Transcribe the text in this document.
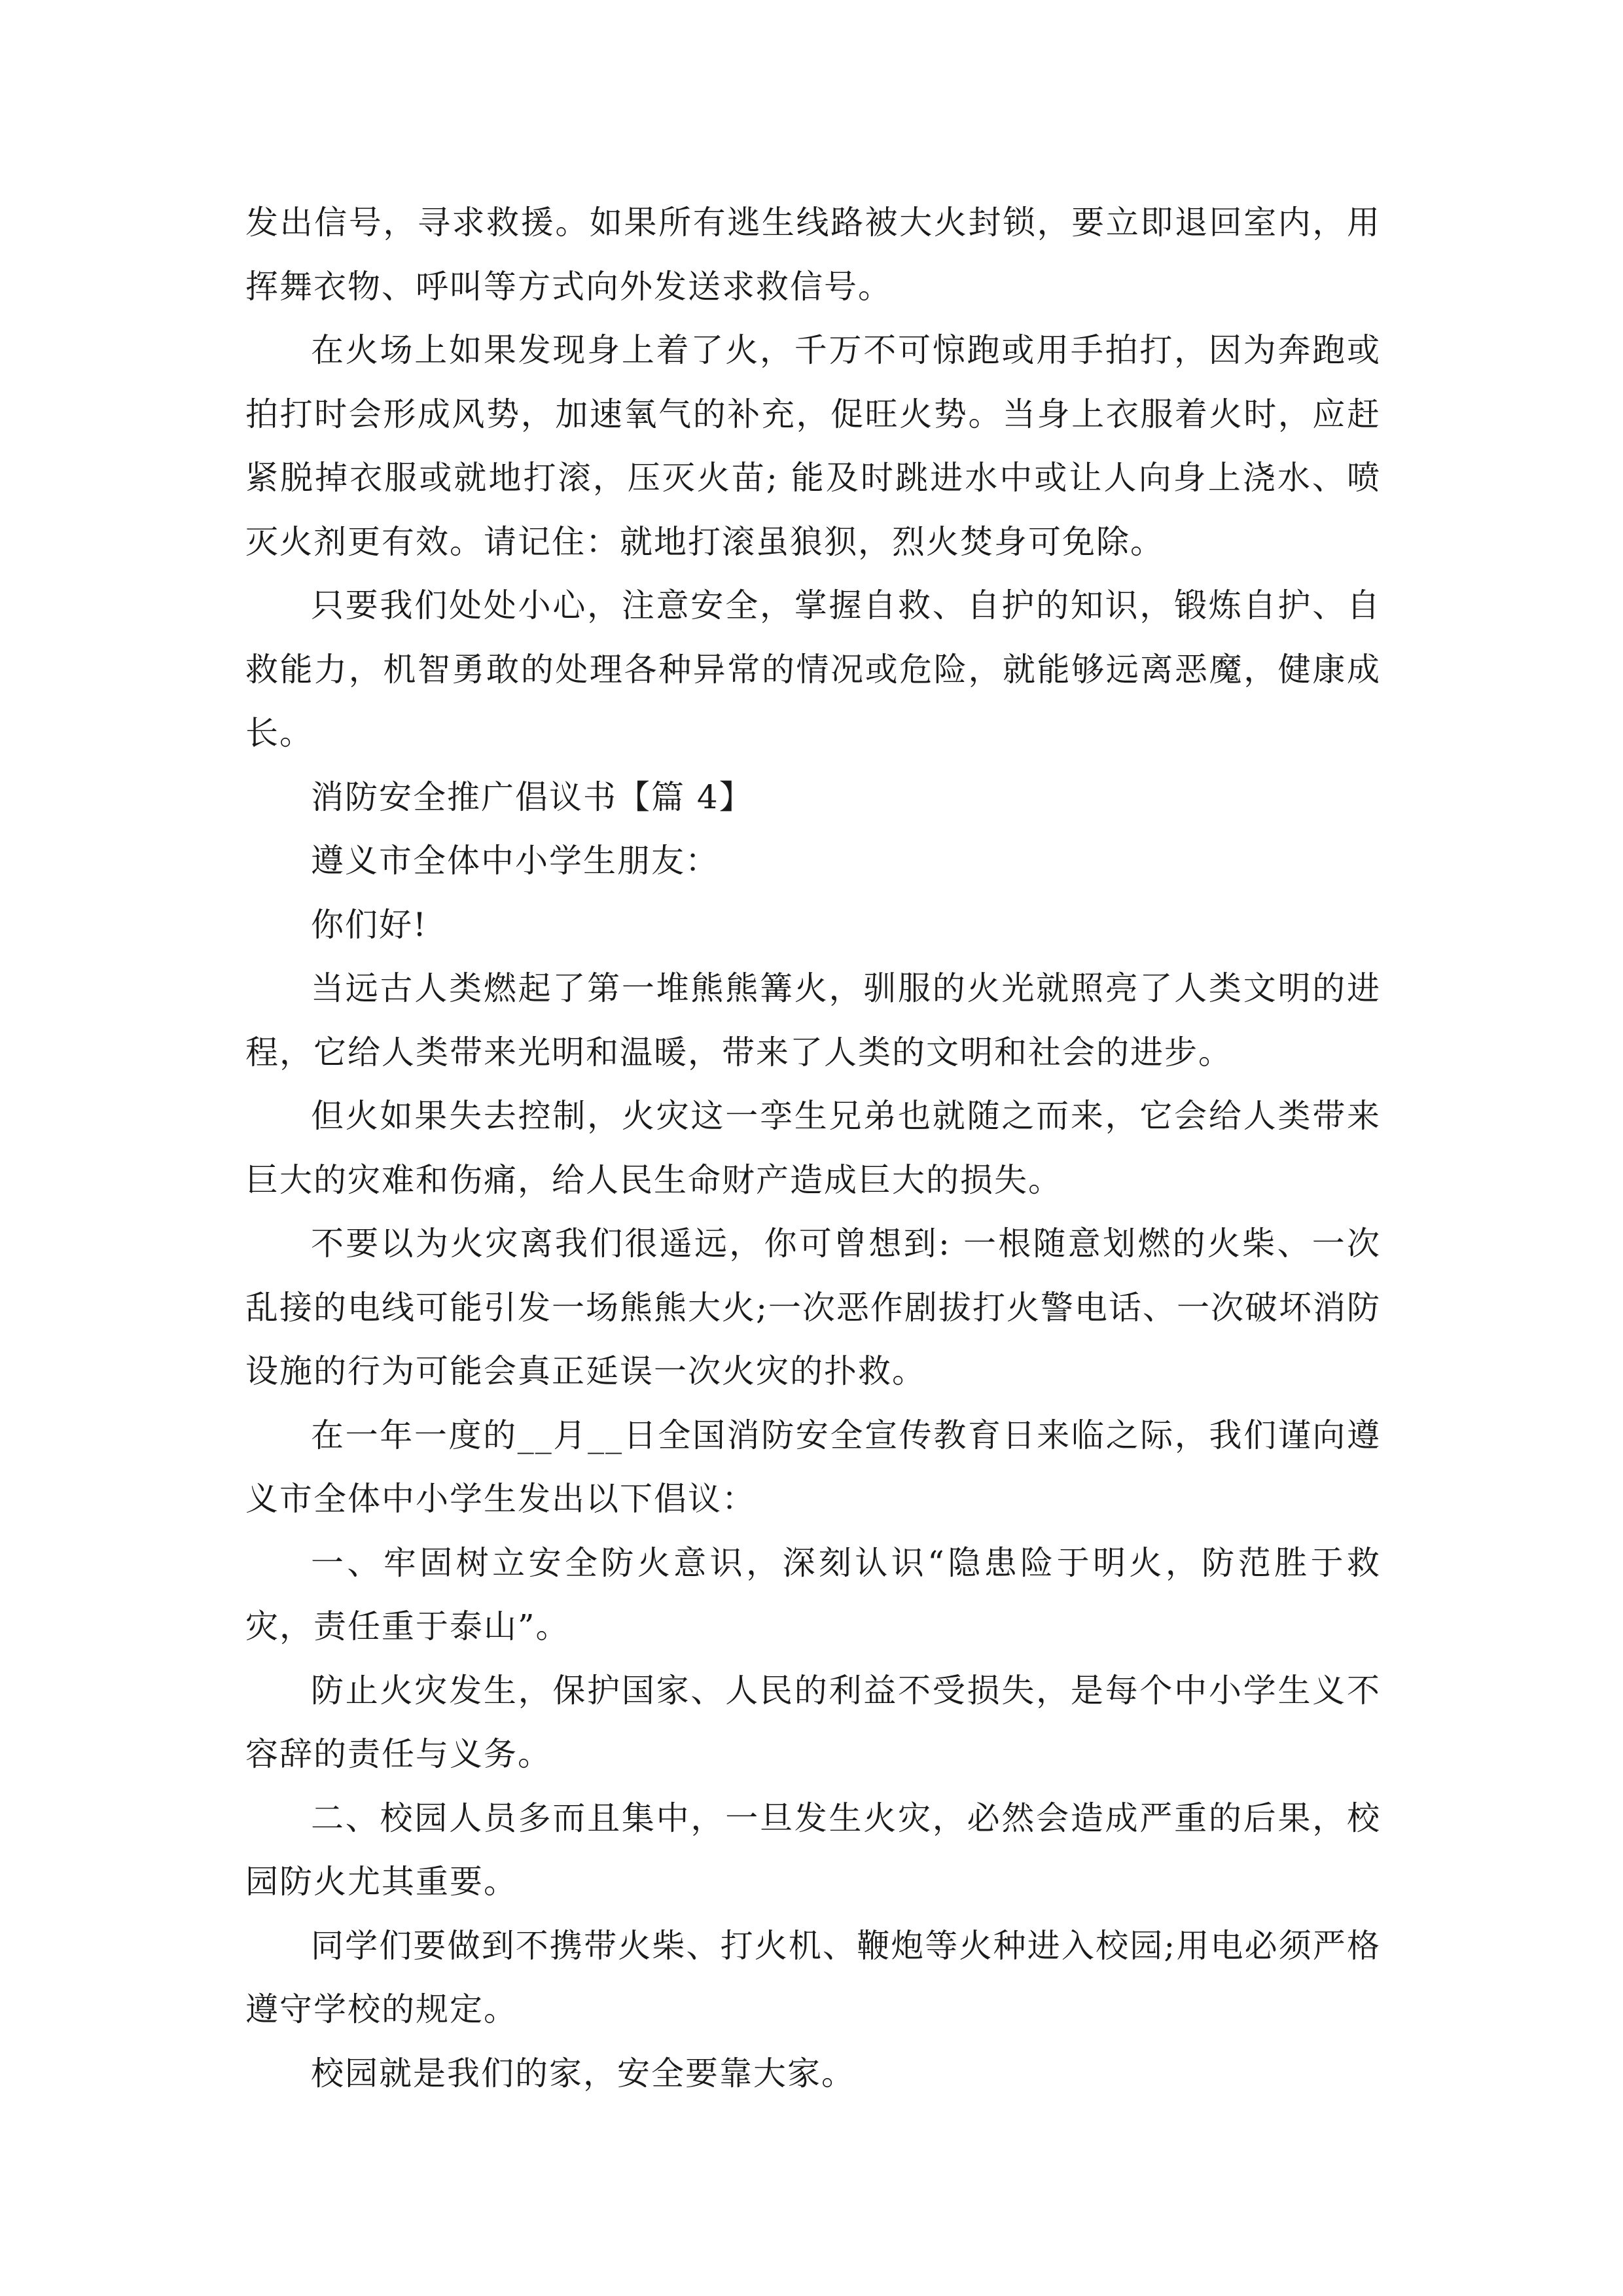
发出信号，寻求救援。如果所有逃生线路被大火封锁，要立即退回室内，用挥舞衣物、呼叫等方式向外发送求救信号。

在火场上如果发现身上着了火，千万不可惊跑或用手拍打，因为奔跑或拍打时会形成风势，加速氧气的补充，促旺火势。当身上衣服着火时，应赶紧脱掉衣服或就地打滚，压灭火苗; 能及时跳进水中或让人向身上浇水、喷灭火剂更有效。请记住：就地打滚虽狼狈，烈火焚身可免除。

只要我们处处小心，注意安全，掌握自救、自护的知识，锻炼自护、自救能力，机智勇敢的处理各种异常的情况或危险，就能够远离恶魔，健康成长。

消防安全推广倡议书【篇 4】

遵义市全体中小学生朋友：

你们好!

当远古人类燃起了第一堆熊熊篝火，驯服的火光就照亮了人类文明的进程，它给人类带来光明和温暖，带来了人类的文明和社会的进步。

但火如果失去控制，火灾这一孪生兄弟也就随之而来，它会给人类带来巨大的灾难和伤痛，给人民生命财产造成巨大的损失。

不要以为火灾离我们很遥远，你可曾想到: 一根随意划燃的火柴、一次乱接的电线可能引发一场熊熊大火;一次恶作剧拔打火警电话、一次破坏消防设施的行为可能会真正延误一次火灾的扑救。

在一年一度的__月__日全国消防安全宣传教育日来临之际，我们谨向遵义市全体中小学生发出以下倡议：

一、牢固树立安全防火意识，深刻认识“隐患险于明火，防范胜于救灾，责任重于泰山”。

防止火灾发生，保护国家、人民的利益不受损失，是每个中小学生义不容辞的责任与义务。

二、校园人员多而且集中，一旦发生火灾，必然会造成严重的后果，校园防火尤其重要。

同学们要做到不携带火柴、打火机、鞭炮等火种进入校园;用电必须严格遵守学校的规定。

校园就是我们的家，安全要靠大家。
